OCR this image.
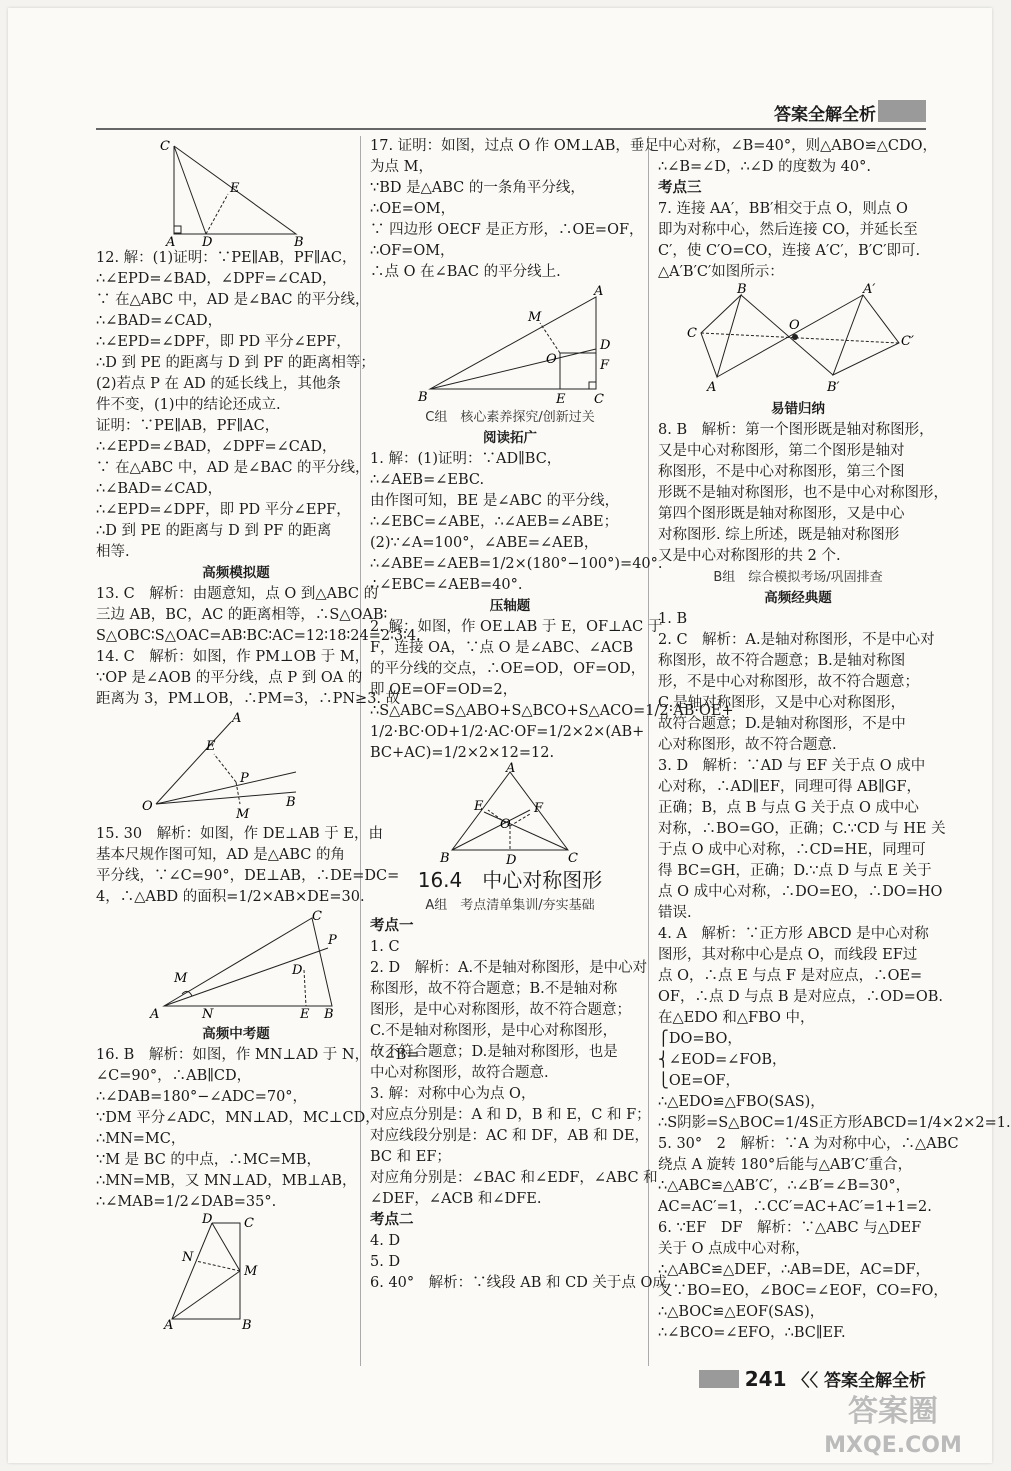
答案全解全析
C
E
A D	B
12. 解：(1)证明：∵PE∥AB，PF∥AC，
∴∠EPD=∠BAD，∠DPF=∠CAD，
∵ 在△ABC 中，AD 是∠BAC 的平分线，
∴∠BAD=∠CAD，
∴∠EPD=∠DPF，即 PD 平分∠EPF，
∴D 到 PE 的距离与 D 到 PF 的距离相等；
(2)若点 P 在 AD 的延长线上，其他条
件不变，(1)中的结论还成立.
证明：∵PE∥AB，PF∥AC，
∴∠EPD=∠BAD，∠DPF=∠CAD，
∵ 在△ABC 中，AD 是∠BAC 的平分线，
∴∠BAD=∠CAD，
∴∠EPD=∠DPF，即 PD 平分∠EPF，
∴D 到 PE 的距离与 D 到 PF 的距离
相等.
高频模拟题
13. C　解析：由题意知，点 O 到△ABC 的
三边 AB，BC，AC 的距离相等，∴S△OAB∶
S△OBC∶S△OAC=AB∶BC∶AC=12∶18∶24=2∶3∶4.
14. C　解析：如图，作 PM⊥OB 于 M，
∵OP 是∠AOB 的平分线，点 P 到 OA 的
距离为 3，PM⊥OB，∴PM=3，∴PN≥3. 故
A
E
P
O
M
B
15. 30　解析：如图，作 DE⊥AB 于 E，由
基本尺规作图可知，AD 是△ABC 的角
平分线，∵∠C=90°，DE⊥AB，∴DE=DC=
4，∴△ABD 的面积=1/2×AB×DE=30.
C
M
D
P
A	N	E B
高频中考题
16. B　解析：如图，作 MN⊥AD 于 N，∵∠B=
∠C=90°，∴AB∥CD，
∴∠DAB=180°−∠ADC=70°，
∵DM 平分∠ADC，MN⊥AD，MC⊥CD，
∴MN=MC，
∵M 是 BC 的中点，∴MC=MB，
∴MN=MB，又 MN⊥AD，MB⊥AB，
∴∠MAB=1/2∠DAB=35°.
D C
N
M
A	B
17. 证明：如图，过点 O 作 OM⊥AB，垂足
为点 M，
∵BD 是△ABC 的一条角平分线，
∴OE=OM，
∵ 四边形 OECF 是正方形，∴OE=OF，
∴OF=OM，
∴点 O 在∠BAC 的平分线上.
A
M
D
O	F
B	E C
C组　核心素养探究/创新过关
阅读拓广
1. 解：(1)证明：∵AD∥BC，
∴∠AEB=∠EBC.
由作图可知，BE 是∠ABC 的平分线，
∴∠EBC=∠ABE，∴∠AEB=∠ABE；
(2)∵∠A=100°，∠ABE=∠AEB，
∴∠ABE=∠AEB=1/2×(180°−100°)=40°.
∴∠EBC=∠AEB=40°.
压轴题
2. 解：如图，作 OE⊥AB 于 E，OF⊥AC 于
F，连接 OA，∵点 O 是∠ABC、∠ACB
的平分线的交点，∴OE=OD，OF=OD，
即 OE=OF=OD=2，
∴S△ABC=S△ABO+S△BCO+S△ACO=1/2·AB·OE+
1/2·BC·OD+1/2·AC·OF=1/2×2×(AB+
BC+AC)=1/2×2×12=12.
A
E
O
F
B	D	C
16.4　中心对称图形
A组　考点清单集训/夯实基础
考点一
1. C
2. D　解析：A.不是轴对称图形，是中心对
称图形，故不符合题意；B.不是轴对称
图形，是中心对称图形，故不符合题意；
C.不是轴对称图形，是中心对称图形，
故不符合题意；D.是轴对称图形，也是
中心对称图形，故符合题意.
3. 解：对称中心为点 O，
对应点分别是：A 和 D，B 和 E，C 和 F；
对应线段分别是：AC 和 DF，AB 和 DE，
BC 和 EF；
对应角分别是：∠BAC 和∠EDF，∠ABC 和
∠DEF，∠ACB 和∠DFE.
考点二
4. D
5. D
6. 40°　解析：∵线段 AB 和 CD 关于点 O成
中心对称，∠B=40°，则△ABO≌△CDO，
∴∠B=∠D，∴∠D 的度数为 40°.
考点三
7. 连接 AA′，BB′相交于点 O，则点 O
即为对称中心，然后连接 CO，并延长至
C′，使 C′O=CO，连接 A′C′，B′C′即可.
△A′B′C′如图所示：
B	A′
C
O
C′
A	B′
易错归纳
8. B　解析：第一个图形既是轴对称图形，
又是中心对称图形，第二个图形是轴对
称图形，不是中心对称图形，第三个图
形既不是轴对称图形，也不是中心对称图形，
第四个图形既是轴对称图形，又是中心
对称图形. 综上所述，既是轴对称图形
又是中心对称图形的共 2 个.
B组　综合模拟考场/巩固排查
高频经典题
1. B
2. C　解析：A.是轴对称图形，不是中心对
称图形，故不符合题意；B.是轴对称图
形，不是中心对称图形，故不符合题意；
C.是轴对称图形，又是中心对称图形，
故符合题意；D.是轴对称图形，不是中
心对称图形，故不符合题意.
3. D　解析：∵AD 与 EF 关于点 O 成中
心对称，∴AD∥EF，同理可得 AB∥GF，
正确；B，点 B 与点 G 关于点 O 成中心
对称，∴BO=GO，正确；C.∵CD 与 HE 关
于点 O 成中心对称，∴CD=HE，同理可
得 BC=GH，正确；D.∵点 D 与点 E 关于
点 O 成中心对称，∴DO=EO，∴DO=HO
错误.
4. A　解析：∵正方形 ABCD 是中心对称
图形，其对称中心是点 O，而线段 EF过
点 O，∴点 E 与点 F 是对应点，∴OE=
OF，∴点 D 与点 B 是对应点，∴OD=OB.
在△EDO 和△FBO 中，
⎧DO=BO，
⎨∠EOD=∠FOB，
⎩OE=OF，
∴△EDO≌△FBO(SAS)，
∴S阴影=S△BOC=1/4S正方形ABCD=1/4×2×2=1.
5. 30°　2　解析：∵A 为对称中心，∴△ABC
绕点 A 旋转 180°后能与△AB′C′重合，
∴△ABC≌△AB′C′，∴∠B′=∠B=30°，
AC=AC′=1，∴CC′=AC+AC′=1+1=2.
6. ∵EF　DF　解析：∵△ABC 与△DEF
关于 O 点成中心对称，
∴△ABC≌△DEF，∴AB=DE，AC=DF，
又∵BO=EO，∠BOC=∠EOF，CO=FO，
∴△BOC≌△EOF(SAS)，
∴∠BCO=∠EFO，∴BC∥EF.
241 〈〈 答案全解全析
答案圈
MXQE.COM
